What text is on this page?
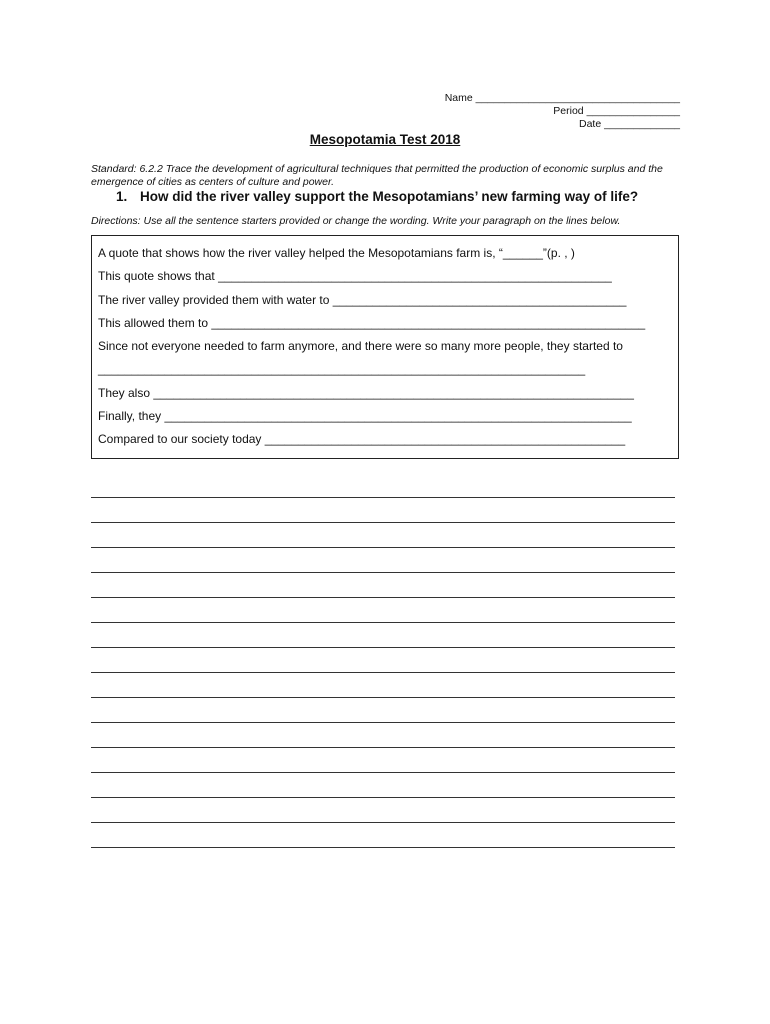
Name ___________________________________
Period ________________
Date _____________
Mesopotamia Test 2018
Standard: 6.2.2 Trace the development of agricultural techniques that permitted the production of economic surplus and the emergence of cities as centers of culture and power.
1. How did the river valley support the Mesopotamians’ new farming way of life?
Directions: Use all the sentence starters provided or change the wording. Write your paragraph on the lines below.
A quote that shows how the river valley helped the Mesopotamians farm is, “______”(p. , )
This quote shows that ___________________________________________________________
The river valley provided them with water to ____________________________________________
This allowed them to _________________________________________________________________
Since not everyone needed to farm anymore, and there were so many more people, they started to
_________________________________________________________________________
They also ________________________________________________________________________
Finally, they ______________________________________________________________________
Compared to our society today ______________________________________________________
